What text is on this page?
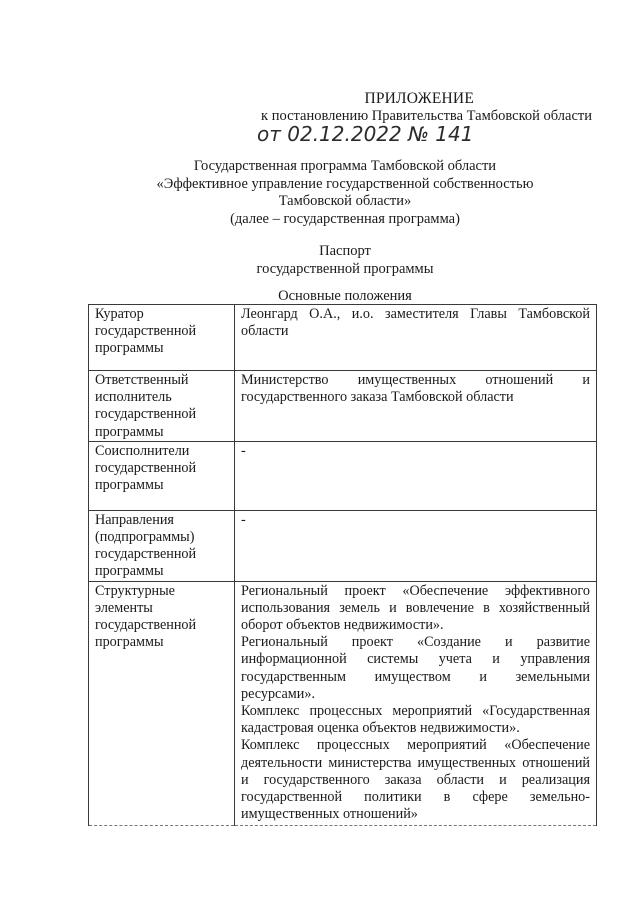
ПРИЛОЖЕНИЕ
к постановлению Правительства Тамбовской области
от 02.12.2022 № 141
Государственная программа Тамбовской области
«Эффективное управление государственной собственностью
Тамбовской области»
(далее – государственная программа)
Паспорт
государственной программы
Основные положения
Куратор государственной программы	Леонгард О.А., и.о. заместителя Главы Тамбовской области

Ответственный исполнитель государственной программы	Министерство имущественных отношений и государственного заказа Тамбовской области

Соисполнители государственной программы	-

Направления (подпрограммы) государственной программы	-

Структурные элементы государственной программы	Региональный проект «Обеспечение эффективного использования земель и вовлечение в хозяйственный оборот объектов недвижимости».

Региональный проект «Создание и развитие информационной системы учета и управления государственным имуществом и земельными ресурсами».

Комплекс процессных мероприятий «Государственная кадастровая оценка объектов недвижимости».

Комплекс процессных мероприятий «Обеспечение деятельности министерства имущественных отношений и государственного заказа области и реализация государственной политики в сфере земельно-имущественных отношений»
